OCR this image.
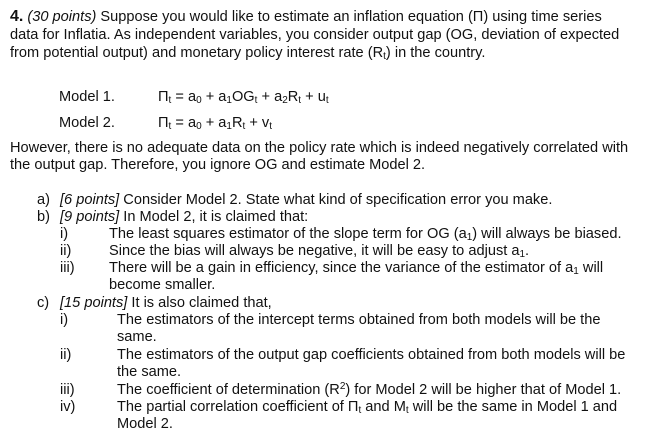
4. (30 points) Suppose you would like to estimate an inflation equation (Π) using time series
data for Inflatia. As independent variables, you consider output gap (OG, deviation of expected
from potential output) and monetary policy interest rate $(R_t)$ in the country.
Model 1.	$\Pi_t = a_0 + a_1OG_t + a_2R_t + u_t$
Model 2.	$\Pi_t = a_0 + a_1R_t + v_t$
However, there is no adequate data on the policy rate which is indeed negatively correlated with
the output gap. Therefore, you ignore OG and estimate Model 2.
a) [6 points] Consider Model 2. State what kind of specification error you make.
b) [9 points] In Model 2, it is claimed that:
i)	The least squares estimator of the slope term for OG $(a_1)$ will always be biased.
ii)	Since the bias will always be negative, it will be easy to adjust $a_1$.
iii) There will be a gain in efficiency, since the variance of the estimator of $a_1$ will
become smaller.
c) [15 points] It is also claimed that,
i)	The estimators of the intercept terms obtained from both models will be the
same.
ii)	The estimators of the output gap coefficients obtained from both models will be
the same.
iii)	The coefficient of determination $(R^2)$ for Model 2 will be higher that of Model 1.
iv)	The partial correlation coefficient of $\Pi_t$ and $M_t$ will be the same in Model 1 and
Model 2.
